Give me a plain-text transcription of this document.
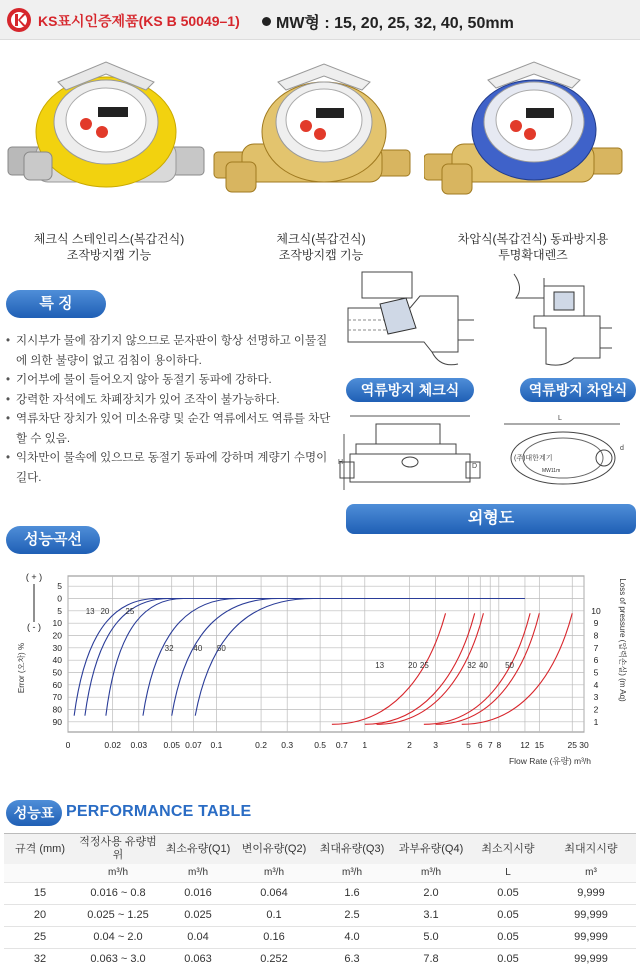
KS표시인증제품(KS B 50049–1)	MW형 : 15, 20, 25, 32, 40, 50mm
체크식 스테인리스(복갑건식)
조작방지캡 기능
체크식(복갑건식)
조작방지캡 기능
차압식(복갑건식) 동파방지용
투명확대렌즈
특 징
• 지시부가 물에 잠기지 않으므로 문자판이 항상 선명하고 이물질에 의한 불량이 없고 검침이 용이하다.
• 기어부에 물이 들어오지 않아 동절기 동파에 강하다.
• 강력한 자석에도 차폐장치가 있어 조작이 불가능하다.
• 역류차단 장치가 있어 미소유량 및 순간 역류에서도 역류를 차단 할 수 있음.
• 익차만이 물속에 있으므로 동절기 동파에 강하며 계량기 수명이 길다.
역류방지 체크식	역류방지 차압식
H
L
D
d
(주)대한계기
MW11m
외형도
성능곡선
5
0
5
10
20
30
40
50
60
70
80
90
10
9
8
7
6
5
4
3
2
1
0	0.02 0.03 0.05 0.07 0.1	0.2 0.3 0.5 0.7 1	2	3	5 6 7 8 12 15	25 30
13 20 25
32 40 50
13	20 25	32 40 50
( + )
( - )
Error (오차) %	Loss of pressure (압력손실) (m Aq)
Flow Rate (유량) m³/h
성능표 PERFORMANCE TABLE
규격 (mm)	적정사용 유량범위	최소유량(Q1)	변이유량(Q2)	최대유량(Q3)	과부유량(Q4)	최소지시량	최대지시량
	m³/h	m³/h	m³/h	m³/h	m³/h	L	m³
15	0.016 ~ 0.8	0.016	0.064	1.6	2.0	0.05	9,999
20	0.025 ~ 1.25	0.025	0.1	2.5	3.1	0.05	99,999
25	0.04 ~ 2.0	0.04	0.16	4.0	5.0	0.05	99,999
32	0.063 ~ 3.0	0.063	0.252	6.3	7.8	0.05	99,999
